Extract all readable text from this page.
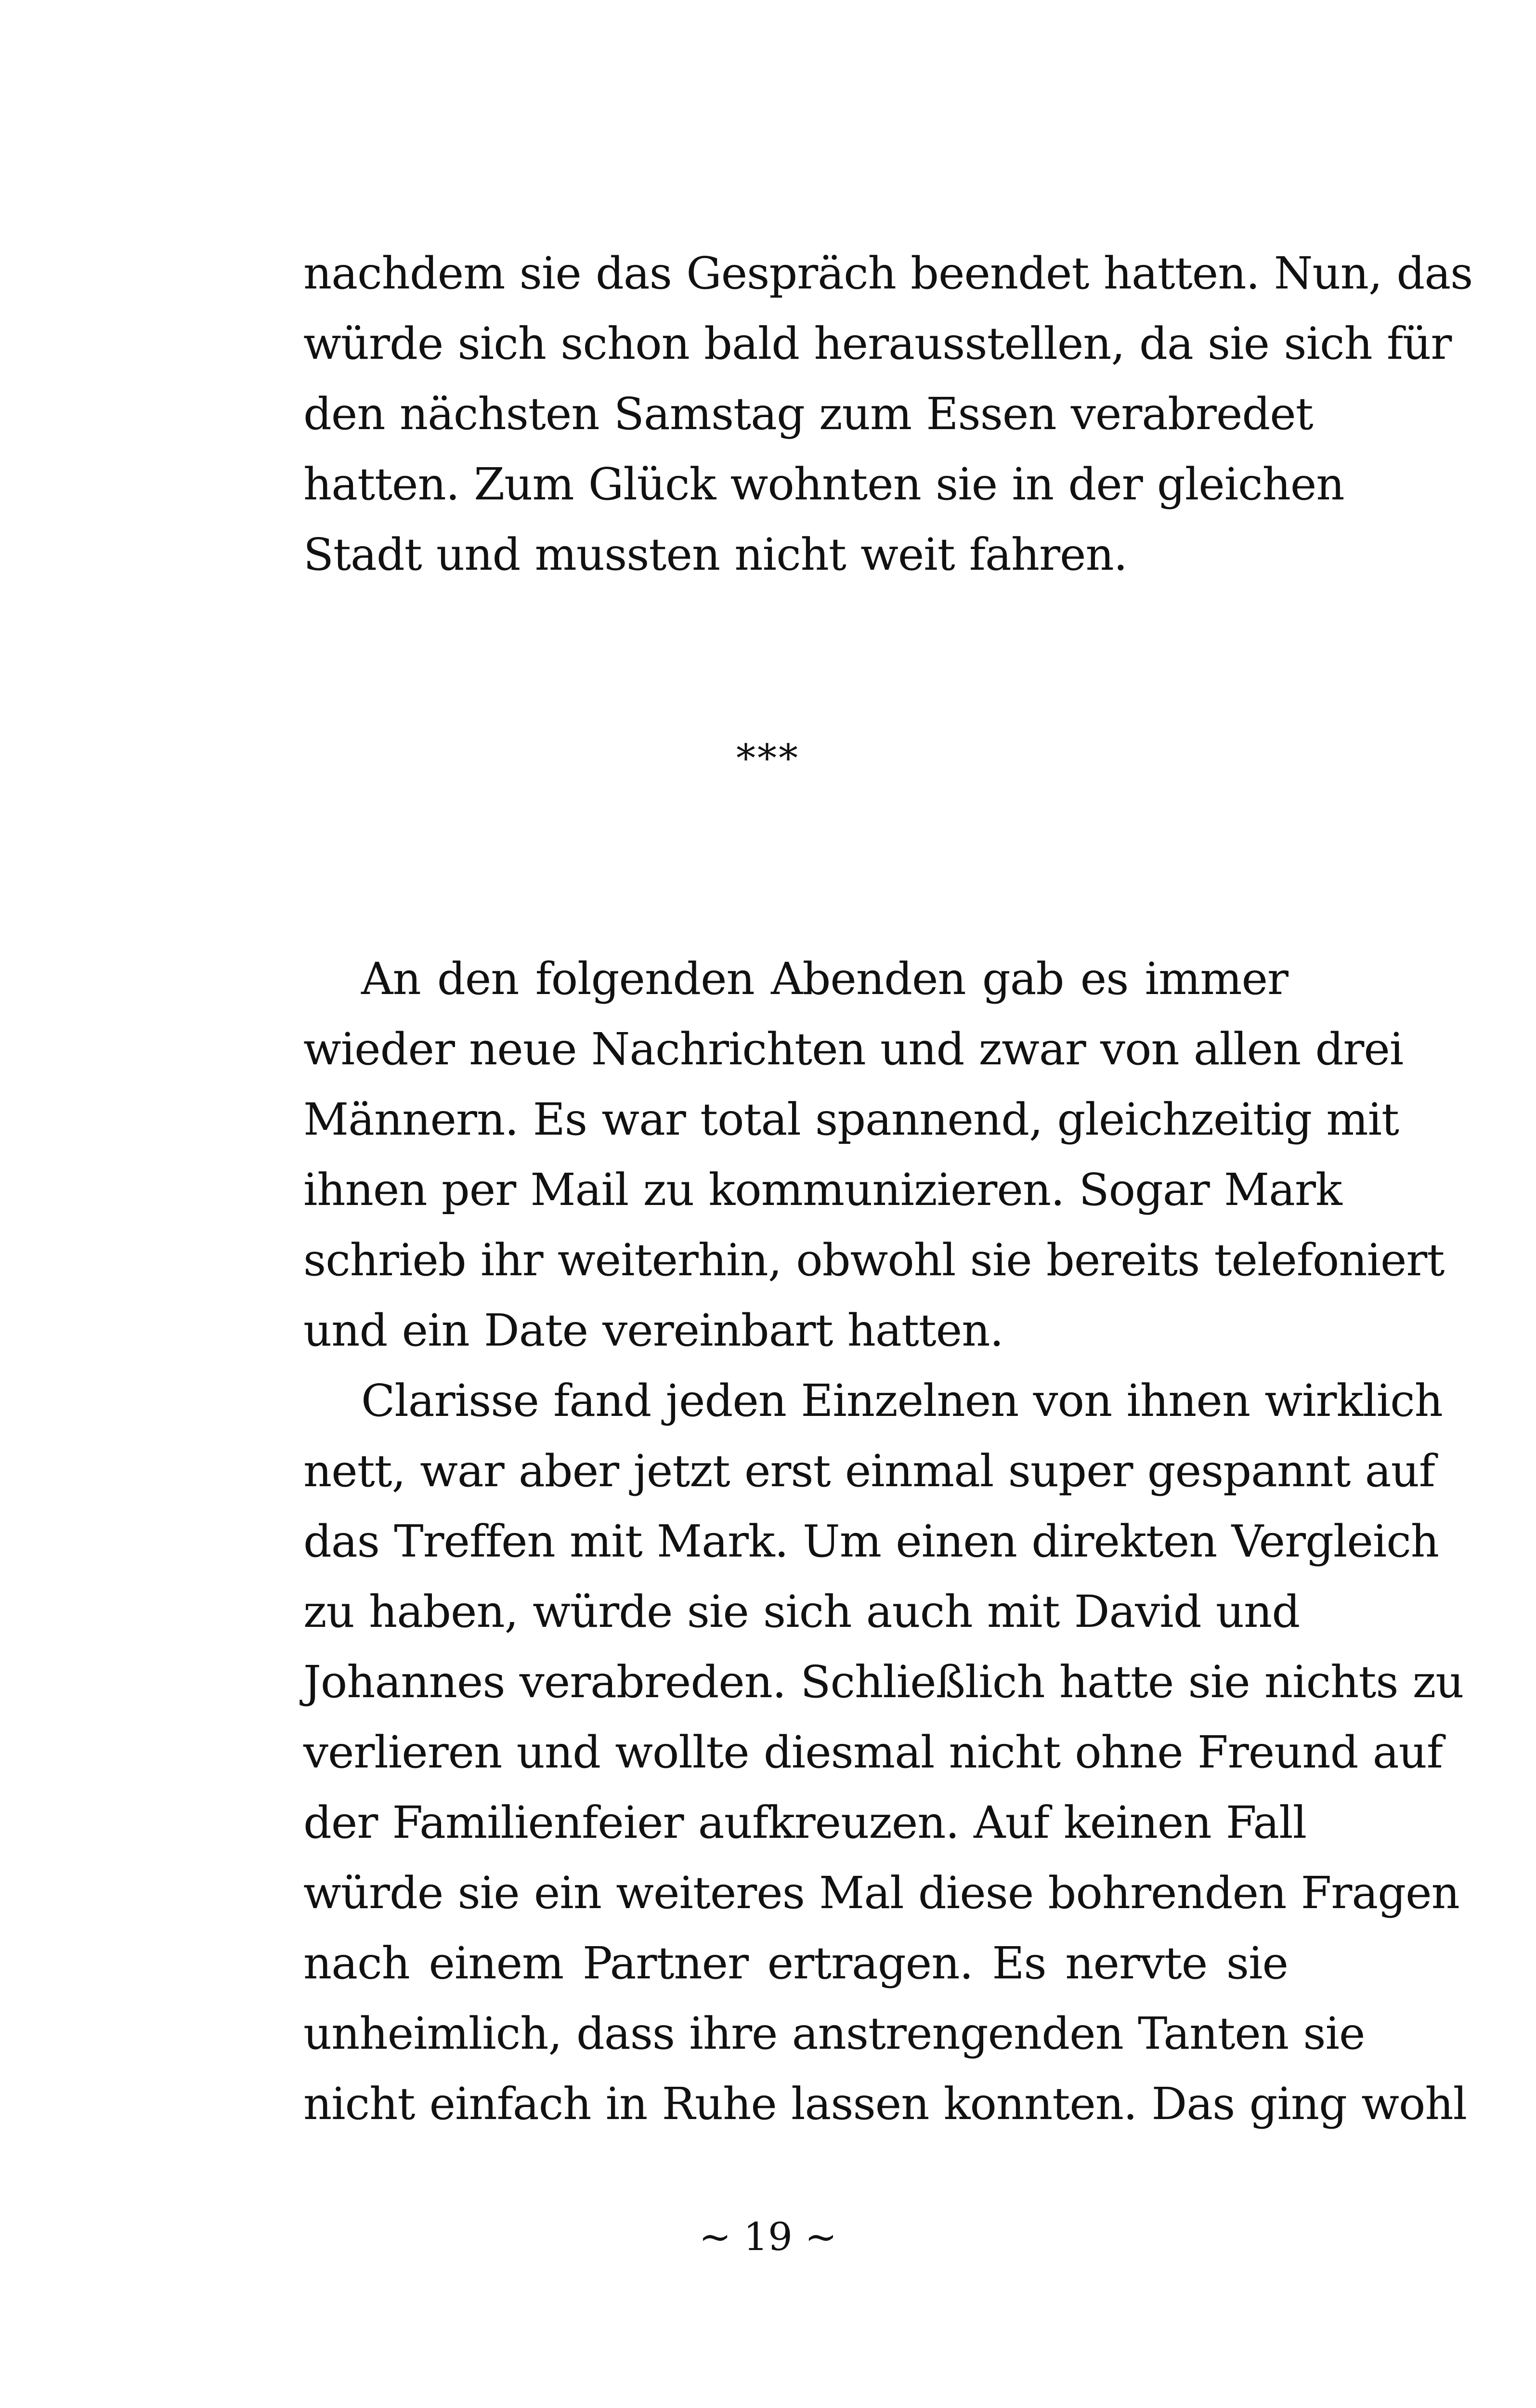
nachdem sie das Gespräch beendet hatten. Nun, das
würde sich schon bald herausstellen, da sie sich für
den nächsten Samstag zum Essen verabredet
hatten. Zum Glück wohnten sie in der gleichen
Stadt und mussten nicht weit fahren.
***
An den folgenden Abenden gab es immer
wieder neue Nachrichten und zwar von allen drei
Männern. Es war total spannend, gleichzeitig mit
ihnen per Mail zu kommunizieren. Sogar Mark
schrieb ihr weiterhin, obwohl sie bereits telefoniert
und ein Date vereinbart hatten.
Clarisse fand jeden Einzelnen von ihnen wirklich
nett, war aber jetzt erst einmal super gespannt auf
das Treffen mit Mark. Um einen direkten Vergleich
zu haben, würde sie sich auch mit David und
Johannes verabreden. Schließlich hatte sie nichts zu
verlieren und wollte diesmal nicht ohne Freund auf
der Familienfeier aufkreuzen. Auf keinen Fall
würde sie ein weiteres Mal diese bohrenden Fragen
nach einem Partner ertragen. Es nervte sie
unheimlich, dass ihre anstrengenden Tanten sie
nicht einfach in Ruhe lassen konnten. Das ging wohl
~ 19 ~
